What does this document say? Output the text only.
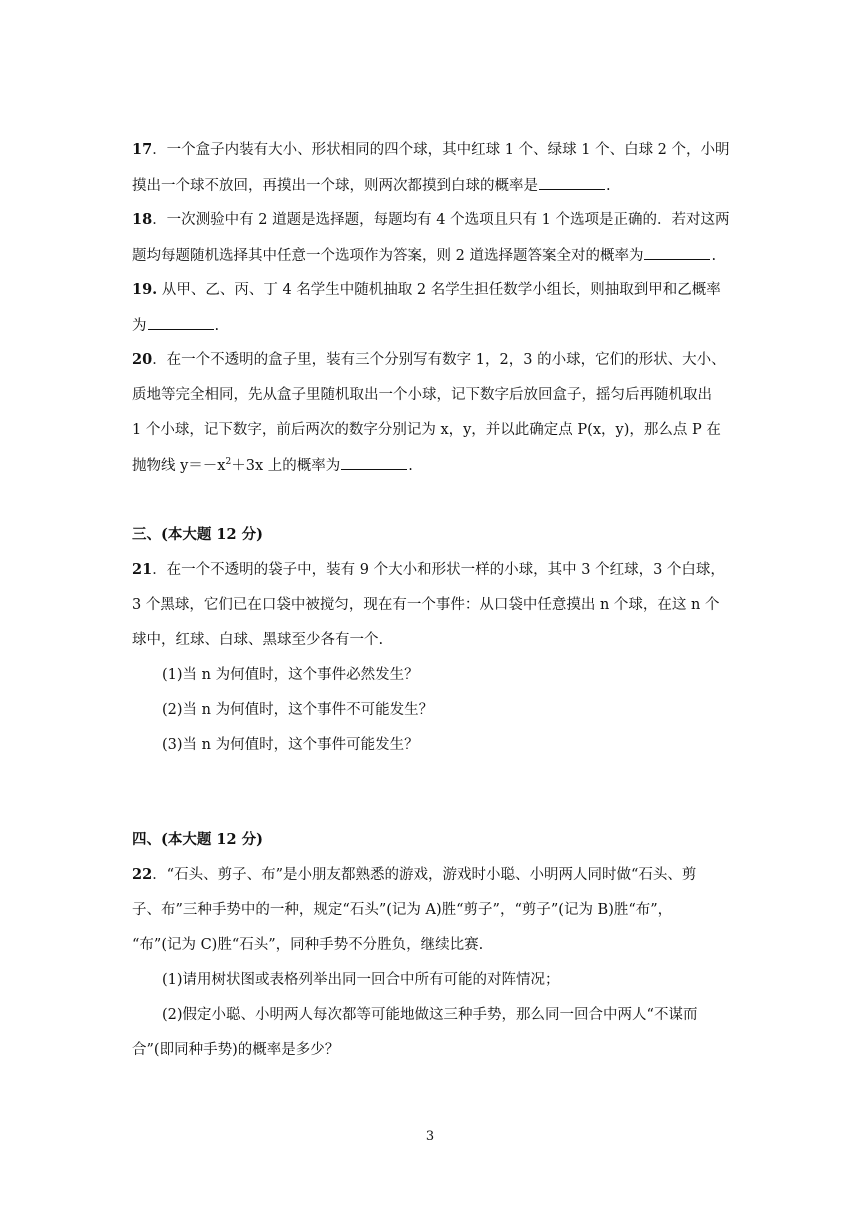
17．一个盒子内装有大小、形状相同的四个球，其中红球 1 个、绿球 1 个、白球 2 个，小明
摸出一个球不放回，再摸出一个球，则两次都摸到白球的概率是	.
18．一次测验中有 2 道题是选择题，每题均有 4 个选项且只有 1 个选项是正确的．若对这两
题均每题随机选择其中任意一个选项作为答案，则 2 道选择题答案全对的概率为	.
19. 从甲、乙、丙、丁 4 名学生中随机抽取 2 名学生担任数学小组长，则抽取到甲和乙概率
为	.
20．在一个不透明的盒子里，装有三个分别写有数字 1，2，3 的小球，它们的形状、大小、
质地等完全相同，先从盒子里随机取出一个小球，记下数字后放回盒子，摇匀后再随机取出
1 个小球，记下数字，前后两次的数字分别记为 x，y，并以此确定点 P(x，y)，那么点 P 在
抛物线 $y=-x^2+3x$ 上的概率为	.
三、(本大题 12 分)
21．在一个不透明的袋子中，装有 9 个大小和形状一样的小球，其中 3 个红球，3 个白球，
3 个黑球，它们已在口袋中被搅匀，现在有一个事件：从口袋中任意摸出 n 个球，在这 n 个
球中，红球、白球、黑球至少各有一个.
(1)当 n 为何值时，这个事件必然发生？
(2)当 n 为何值时，这个事件不可能发生？
(3)当 n 为何值时，这个事件可能发生？
四、(本大题 12 分)
22．“石头、剪子、布”是小朋友都熟悉的游戏，游戏时小聪、小明两人同时做“石头、剪
子、布”三种手势中的一种，规定“石头”(记为 A)胜“剪子”，“剪子”(记为 B)胜“布”，
“布”(记为 C)胜“石头”，同种手势不分胜负，继续比赛.
(1)请用树状图或表格列举出同一回合中所有可能的对阵情况；
(2)假定小聪、小明两人每次都等可能地做这三种手势，那么同一回合中两人“不谋而
合”(即同种手势)的概率是多少？
3
